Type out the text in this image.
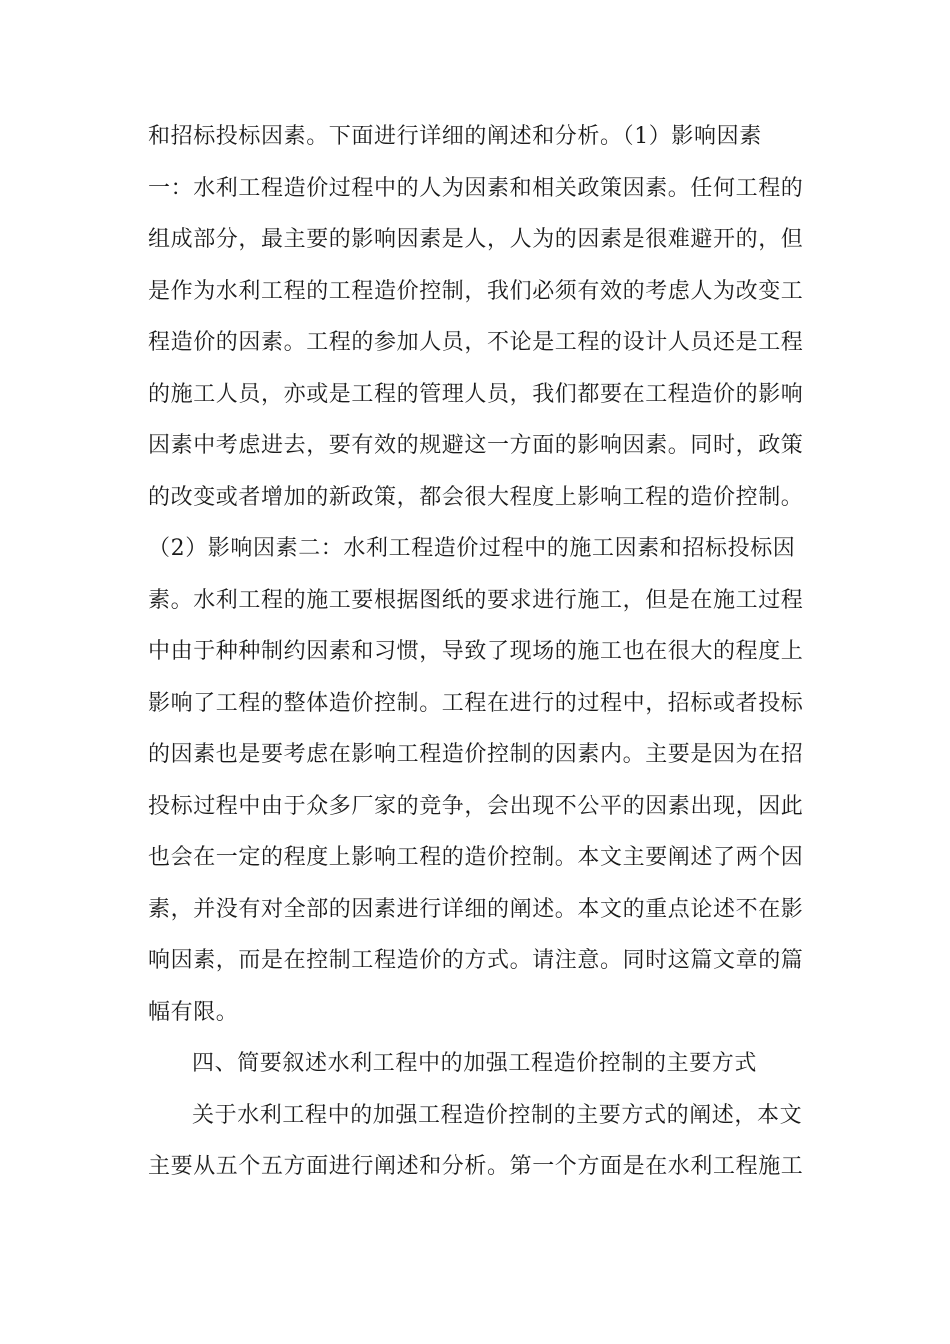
和招标投标因素。下面进行详细的阐述和分析。（1）影响因素
一：水利工程造价过程中的人为因素和相关政策因素。任何工程的
组成部分，最主要的影响因素是人，人为的因素是很难避开的，但
是作为水利工程的工程造价控制，我们必须有效的考虑人为改变工
程造价的因素。工程的参加人员，不论是工程的设计人员还是工程
的施工人员，亦或是工程的管理人员，我们都要在工程造价的影响
因素中考虑进去，要有效的规避这一方面的影响因素。同时，政策
的改变或者增加的新政策，都会很大程度上影响工程的造价控制。
（2）影响因素二：水利工程造价过程中的施工因素和招标投标因
素。水利工程的施工要根据图纸的要求进行施工，但是在施工过程
中由于种种制约因素和习惯，导致了现场的施工也在很大的程度上
影响了工程的整体造价控制。工程在进行的过程中，招标或者投标
的因素也是要考虑在影响工程造价控制的因素内。主要是因为在招
投标过程中由于众多厂家的竞争，会出现不公平的因素出现，因此
也会在一定的程度上影响工程的造价控制。本文主要阐述了两个因
素，并没有对全部的因素进行详细的阐述。本文的重点论述不在影
响因素，而是在控制工程造价的方式。请注意。同时这篇文章的篇
幅有限。
四、简要叙述水利工程中的加强工程造价控制的主要方式
关于水利工程中的加强工程造价控制的主要方式的阐述，本文
主要从五个五方面进行阐述和分析。第一个方面是在水利工程施工
